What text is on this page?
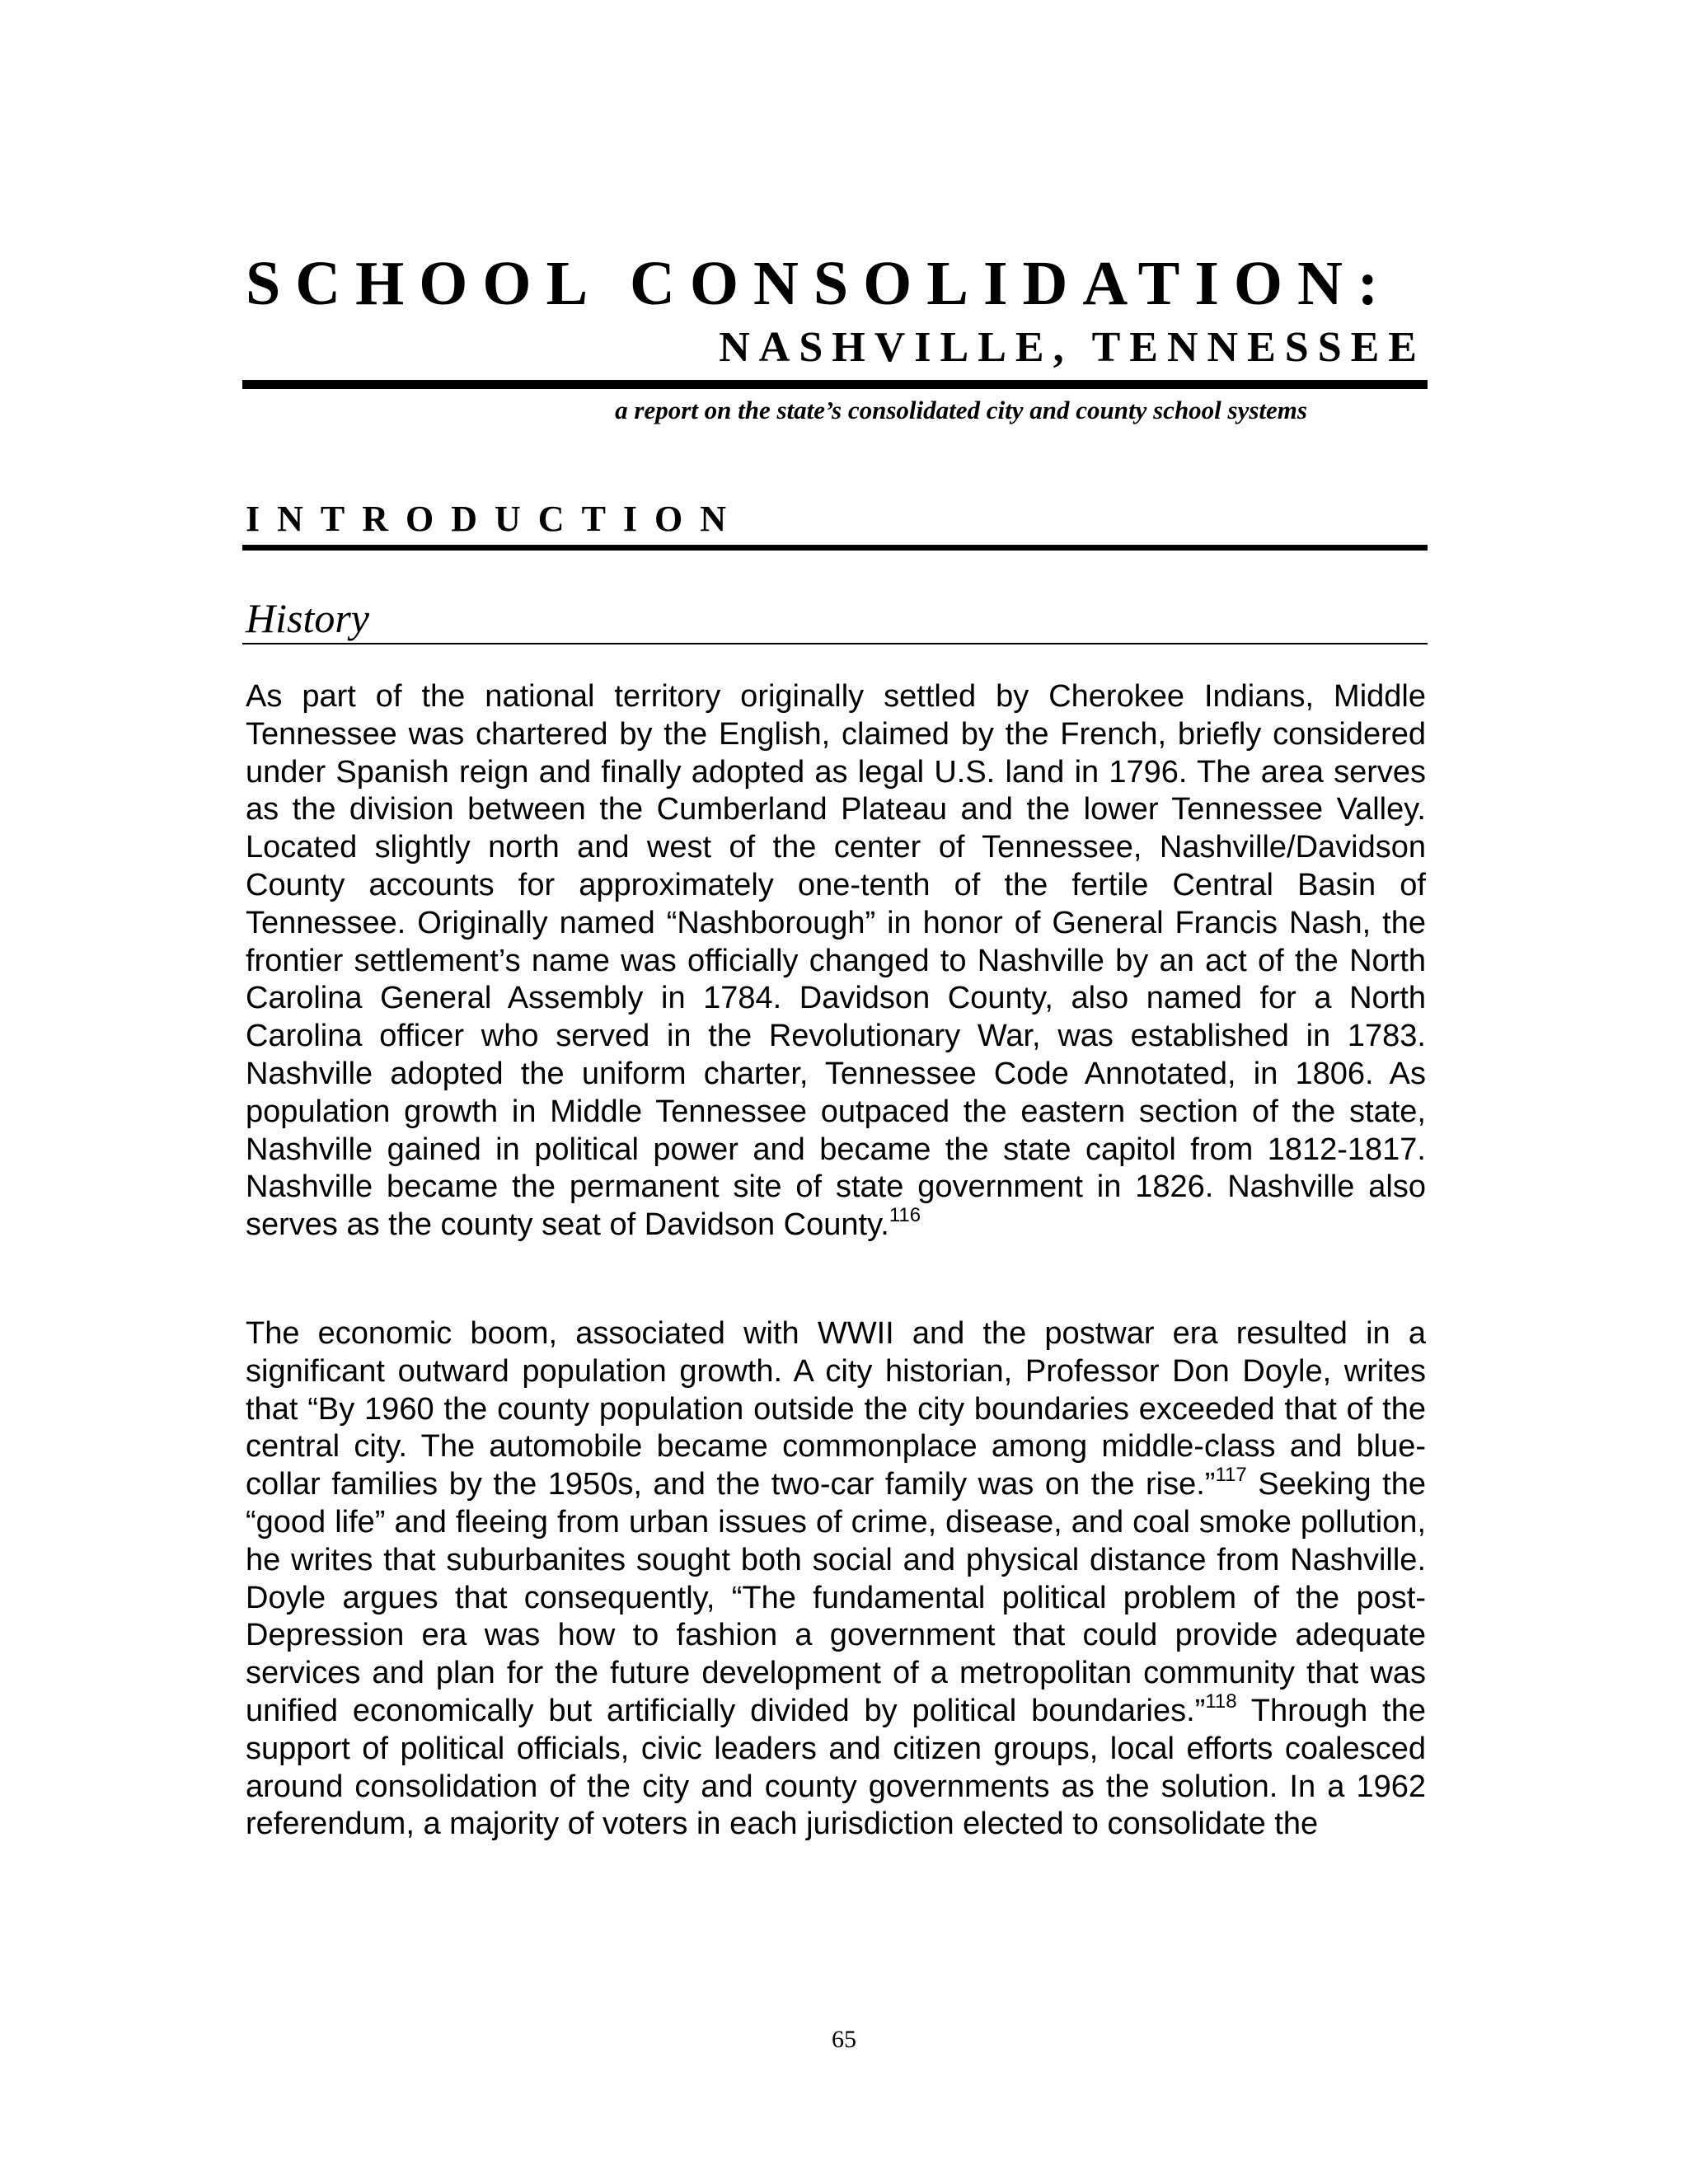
SCHOOL CONSOLIDATION:
NASHVILLE, TENNESSEE
a report on the state’s consolidated city and county school systems
INTRODUCTION
History

As part of the national territory originally settled by Cherokee Indians, Middle Tennessee was chartered by the English, claimed by the French, briefly considered under Spanish reign and finally adopted as legal U.S. land in 1796. The area serves as the division between the Cumberland Plateau and the lower Tennessee Valley. Located slightly north and west of the center of Tennessee, Nashville/Davidson County accounts for approximately one-tenth of the fertile Central Basin of Tennessee. Originally named “Nashborough” in honor of General Francis Nash, the frontier settlement’s name was officially changed to Nashville by an act of the North Carolina General Assembly in 1784. Davidson County, also named for a North Carolina officer who served in the Revolutionary War, was established in 1783. Nashville adopted the uniform charter, Tennessee Code Annotated, in 1806. As population growth in Middle Tennessee outpaced the eastern section of the state, Nashville gained in political power and became the state capitol from 1812-1817. Nashville became the permanent site of state government in 1826. Nashville also serves as the county seat of Davidson County.$^{116}$

The economic boom, associated with WWII and the postwar era resulted in a significant outward population growth. A city historian, Professor Don Doyle, writes that “By 1960 the county population outside the city boundaries exceeded that of the central city. The automobile became commonplace among middle-class and blue-collar families by the 1950s, and the two-car family was on the rise.”$^{117}$ Seeking the “good life” and fleeing from urban issues of crime, disease, and coal smoke pollution, he writes that suburbanites sought both social and physical distance from Nashville. Doyle argues that consequently, “The fundamental political problem of the post-Depression era was how to fashion a government that could provide adequate services and plan for the future development of a metropolitan community that was unified economically but artificially divided by political boundaries.”$^{118}$ Through the support of political officials, civic leaders and citizen groups, local efforts coalesced around consolidation of the city and county governments as the solution. In a 1962 referendum, a majority of voters in each jurisdiction elected to consolidate the

65
